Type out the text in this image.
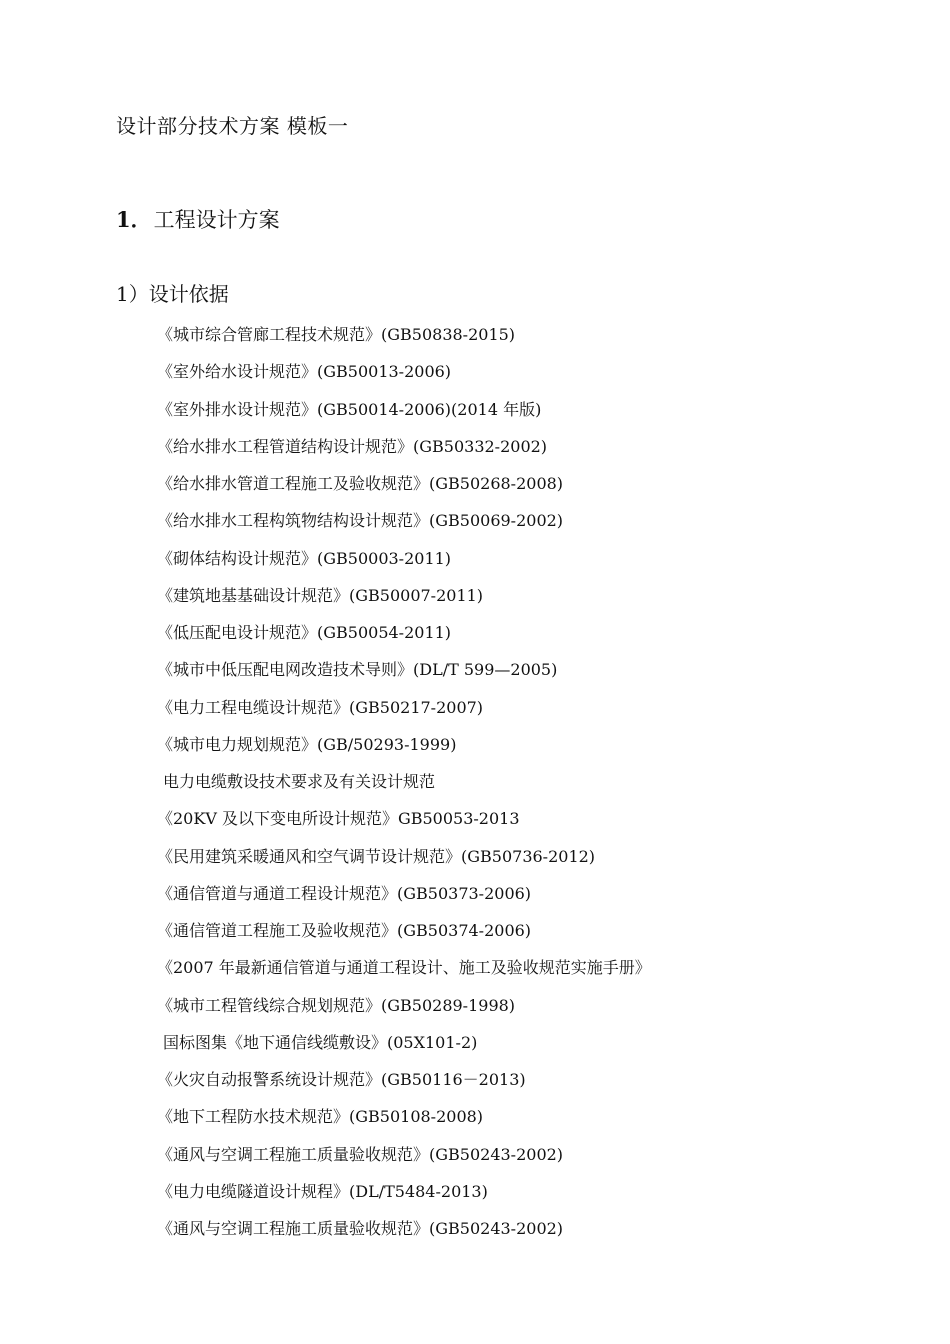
设计部分技术方案 模板一
1．工程设计方案
1）设计依据
《城市综合管廊工程技术规范》(GB50838-2015)
《室外给水设计规范》(GB50013-2006)
《室外排水设计规范》(GB50014-2006)(2014 年版)
《给水排水工程管道结构设计规范》(GB50332-2002)
《给水排水管道工程施工及验收规范》(GB50268-2008)
《给水排水工程构筑物结构设计规范》(GB50069-2002)
《砌体结构设计规范》(GB50003-2011)
《建筑地基基础设计规范》(GB50007-2011)
《低压配电设计规范》(GB50054-2011)
《城市中低压配电网改造技术导则》(DL/T 599—2005)
《电力工程电缆设计规范》(GB50217-2007)
《城市电力规划规范》(GB/50293-1999)
电力电缆敷设技术要求及有关设计规范
《20KV 及以下变电所设计规范》GB50053-2013
《民用建筑采暖通风和空气调节设计规范》(GB50736-2012)
《通信管道与通道工程设计规范》(GB50373-2006)
《通信管道工程施工及验收规范》(GB50374-2006)
《2007 年最新通信管道与通道工程设计、施工及验收规范实施手册》
《城市工程管线综合规划规范》(GB50289-1998)
国标图集《地下通信线缆敷设》(05X101-2)
《火灾自动报警系统设计规范》(GB50116－2013)
《地下工程防水技术规范》(GB50108-2008)
《通风与空调工程施工质量验收规范》(GB50243-2002)
《电力电缆隧道设计规程》(DL/T5484-2013)
《通风与空调工程施工质量验收规范》(GB50243-2002)
